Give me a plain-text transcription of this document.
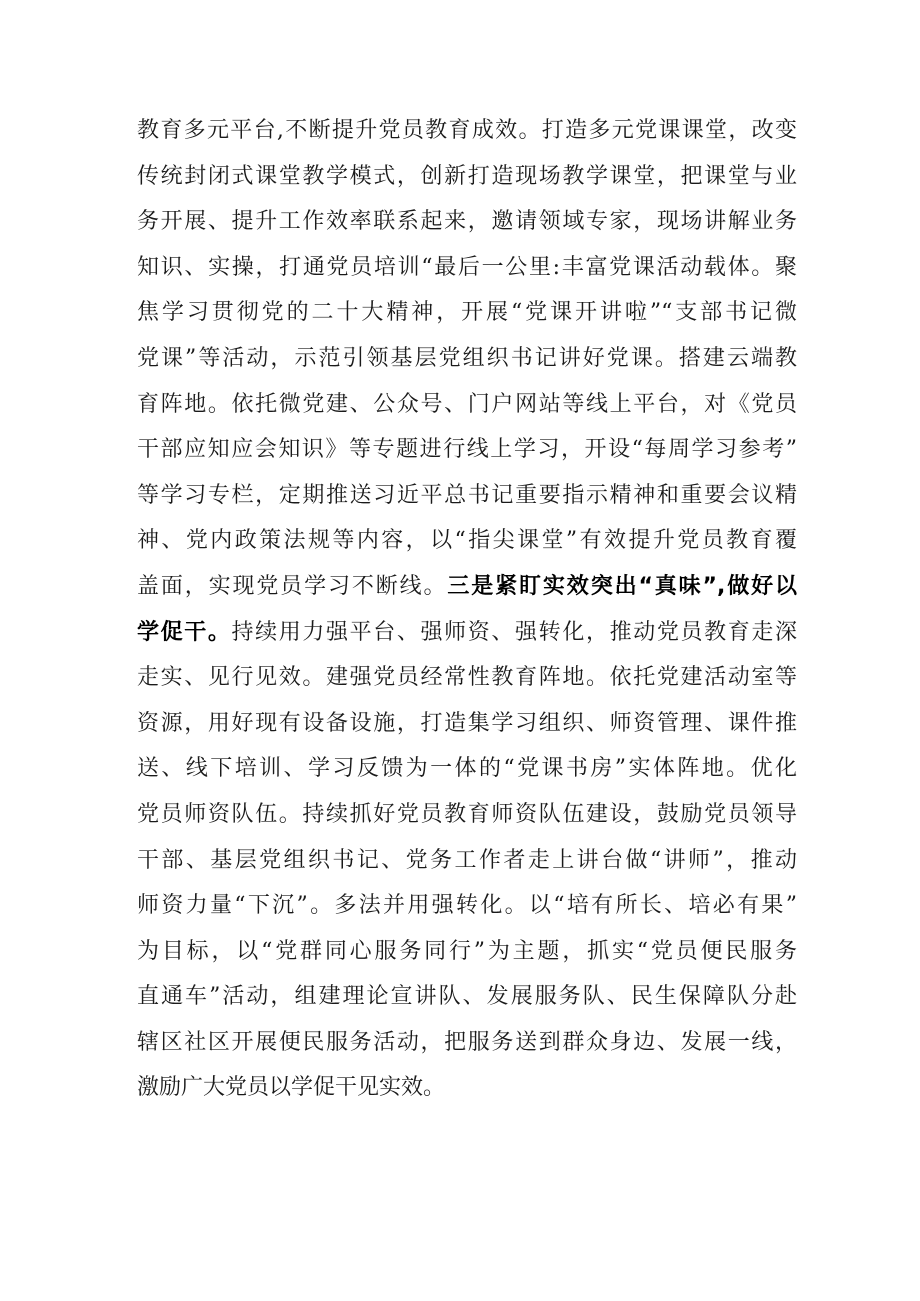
教育多元平台,不断提升党员教育成效。打造多元党课课堂，改变
传统封闭式课堂教学模式，创新打造现场教学课堂，把课堂与业
务开展、提升工作效率联系起来，邀请领域专家，现场讲解业务
知识、实操，打通党员培训“最后一公里:丰富党课活动载体。聚
焦学习贯彻党的二十大精神，开展“党课开讲啦”“支部书记微
党课”等活动，示范引领基层党组织书记讲好党课。搭建云端教
育阵地。依托微党建、公众号、门户网站等线上平台，对《党员
干部应知应会知识》等专题进行线上学习，开设“每周学习参考”
等学习专栏，定期推送习近平总书记重要指示精神和重要会议精
神、党内政策法规等内容，以“指尖课堂”有效提升党员教育覆
盖面，实现党员学习不断线。三是紧盯实效突出“真味”,做好以
学促干。持续用力强平台、强师资、强转化，推动党员教育走深
走实、见行见效。建强党员经常性教育阵地。依托党建活动室等
资源，用好现有设备设施，打造集学习组织、师资管理、课件推
送、线下培训、学习反馈为一体的“党课书房”实体阵地。优化
党员师资队伍。持续抓好党员教育师资队伍建设，鼓励党员领导
干部、基层党组织书记、党务工作者走上讲台做“讲师”，推动
师资力量“下沉”。多法并用强转化。以“培有所长、培必有果”
为目标，以“党群同心服务同行”为主题，抓实“党员便民服务
直通车”活动，组建理论宣讲队、发展服务队、民生保障队分赴
辖区社区开展便民服务活动，把服务送到群众身边、发展一线，
激励广大党员以学促干见实效。
